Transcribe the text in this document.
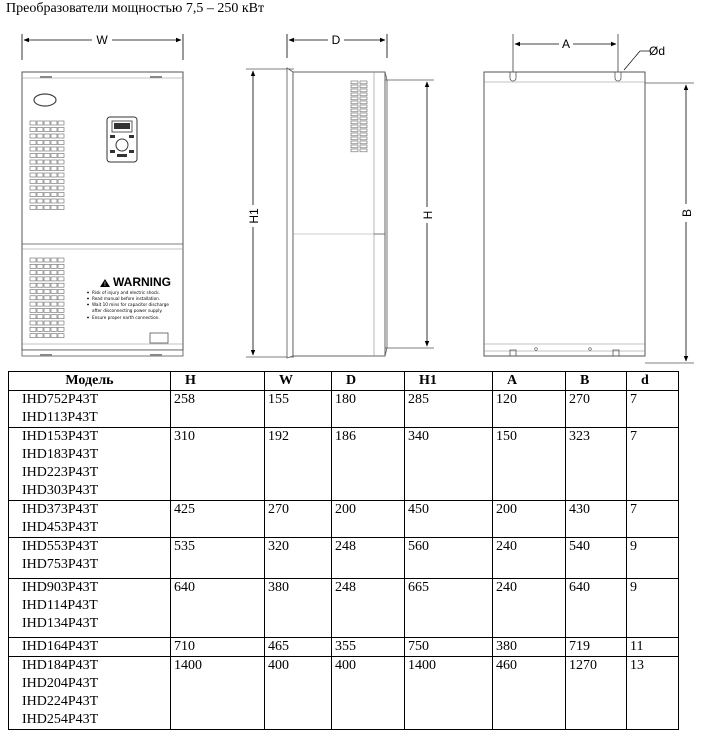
Преобразователи мощностью 7,5 – 250 кВт
W
! WARNING
Risk of injury and electric shock.
Read manual before installation.
Wait 10 mins for capacitor discharge
after disconnecting power supply.
Ensure proper earth connection.
D
H1	H
A	Ød
B
Модель	H	W	D	H1	A	B	d

IHD752P43T
IHD113P43T	258	155	180	285	120	270	7

IHD153P43T
IHD183P43T
IHD223P43T
IHD303P43T	310	192	186	340	150	323	7

IHD373P43T
IHD453P43T	425	270	200	450	200	430	7

IHD553P43T
IHD753P43T	535	320	248	560	240	540	9

IHD903P43T
IHD114P43T
IHD134P43T	640	380	248	665	240	640	9

IHD164P43T	710	465	355	750	380	719	11

IHD184P43T
IHD204P43T
IHD224P43T
IHD254P43T	1400	400	400	1400	460	1270	13
